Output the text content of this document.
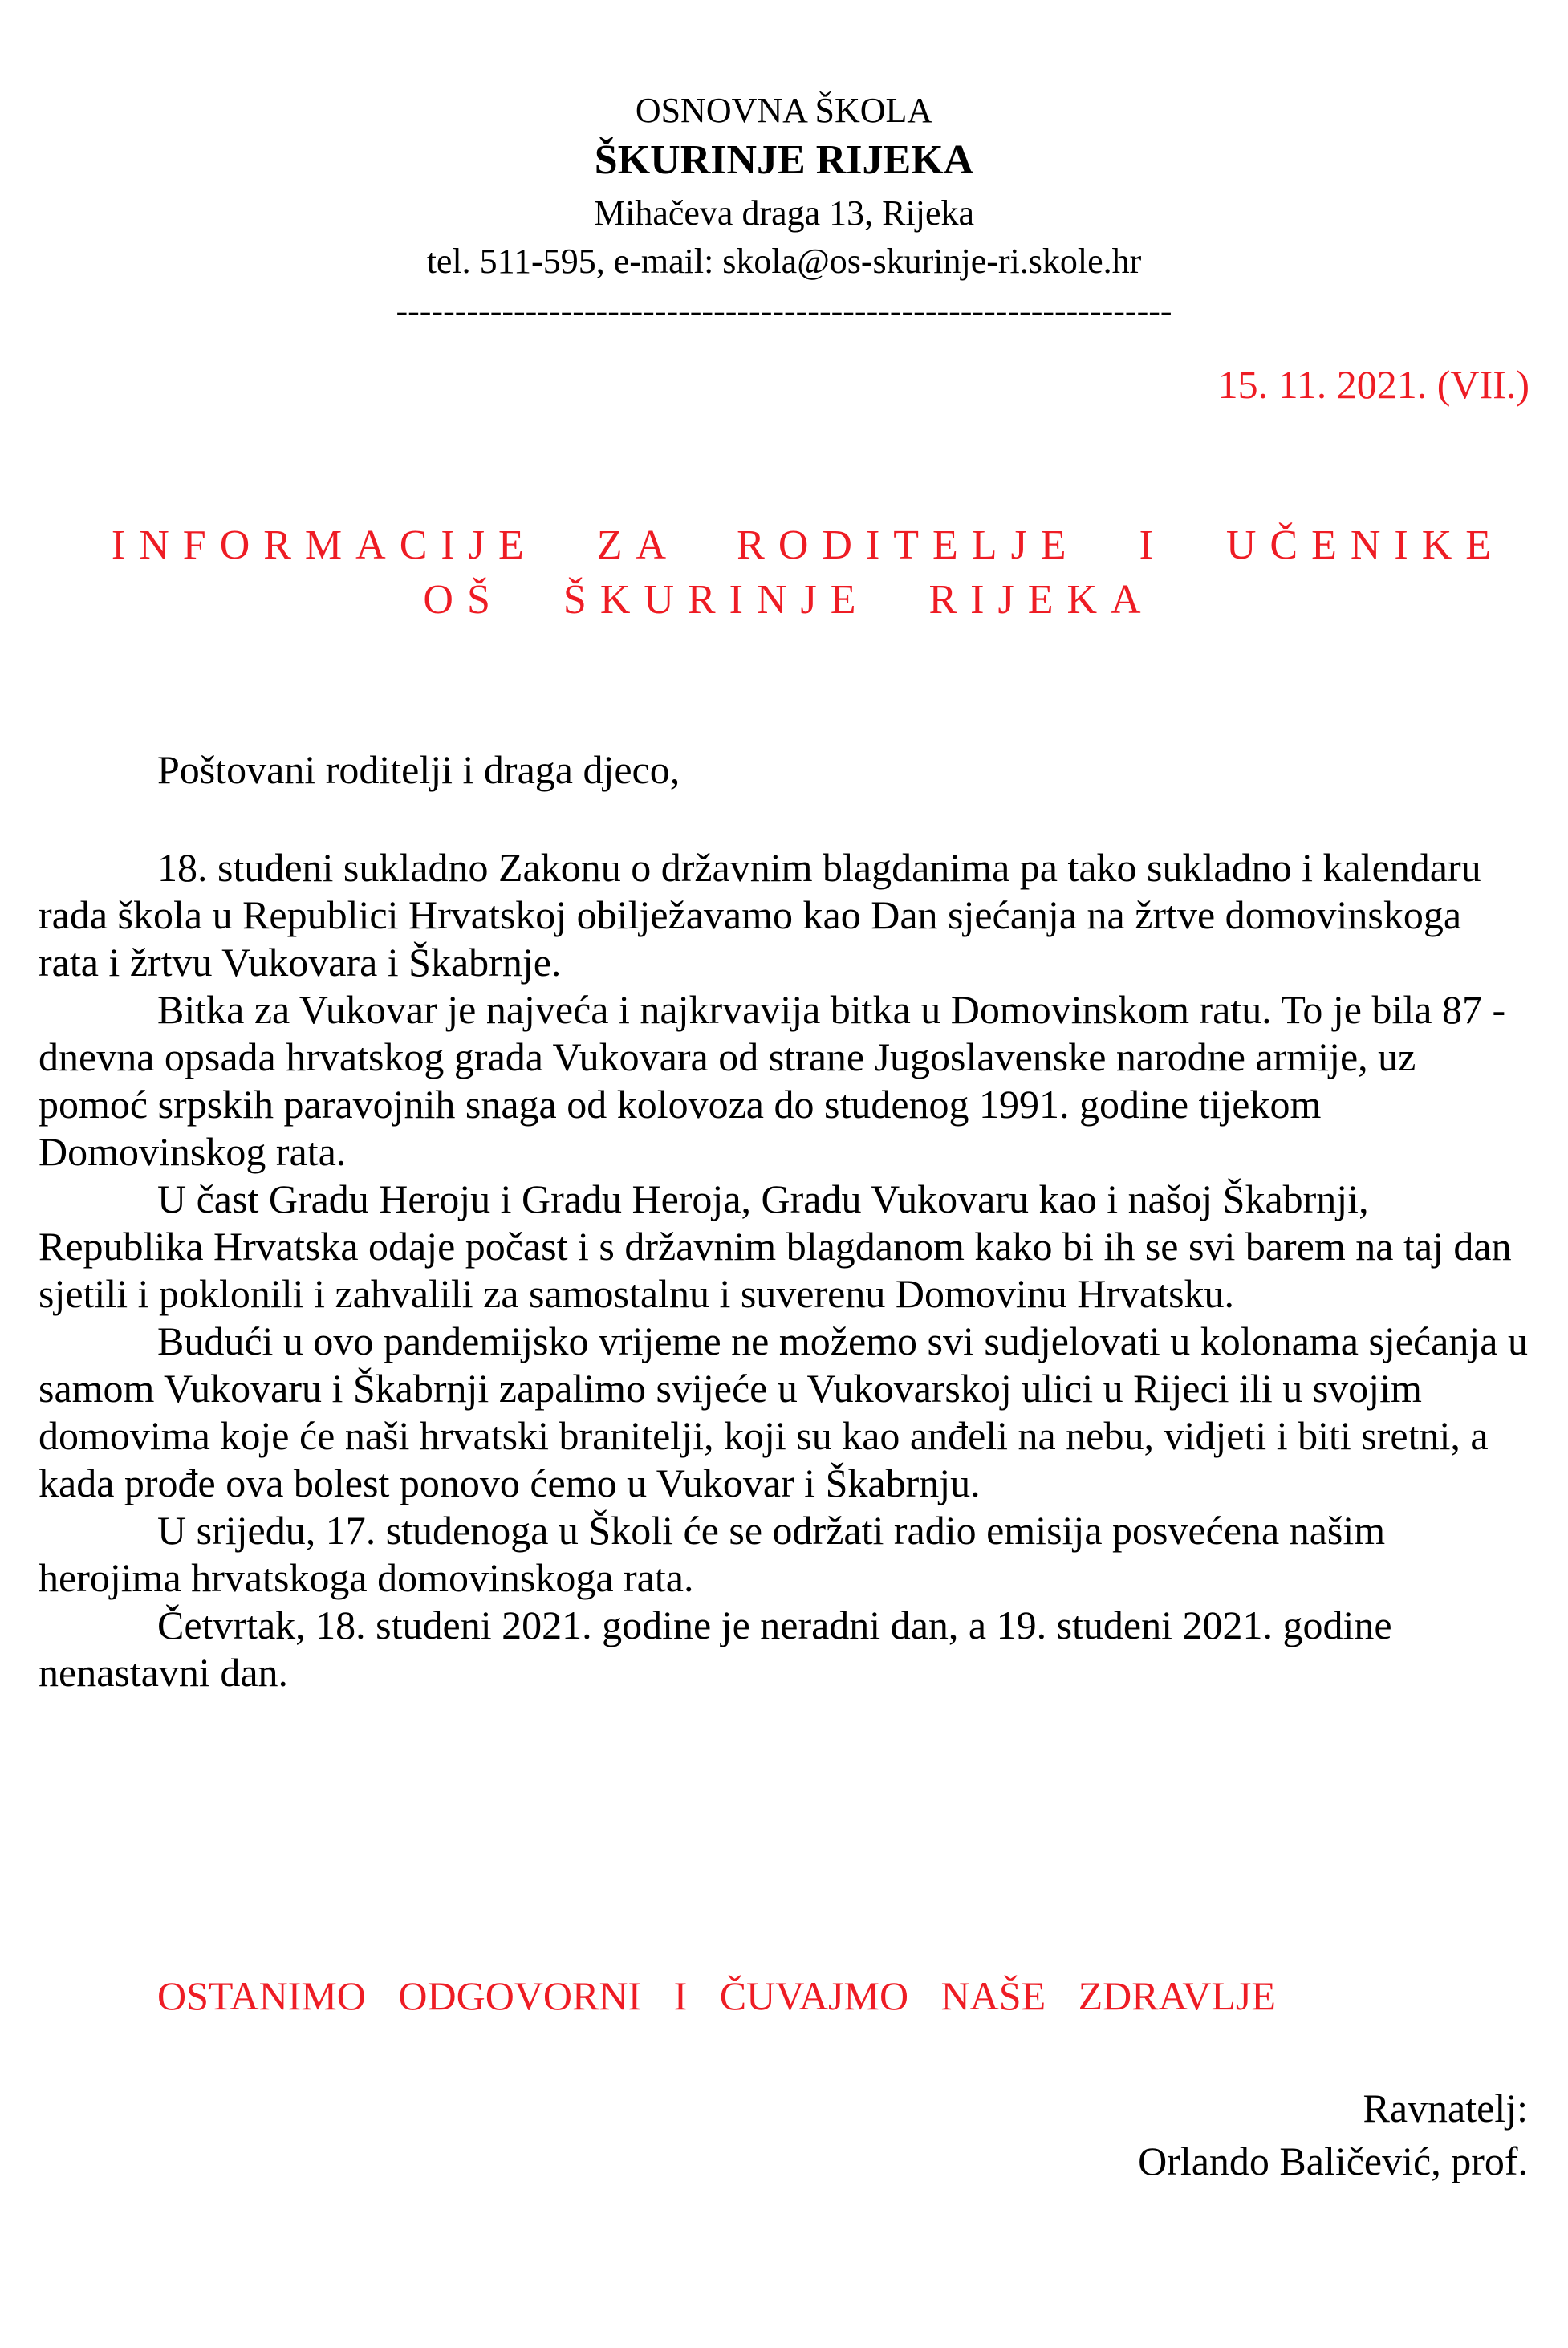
OSNOVNA ŠKOLA
ŠKURINJE RIJEKA
Mihačeva draga 13, Rijeka
tel. 511-595, e-mail: skola@os-skurinje-ri.skole.hr
------------------------------------------------------------------
15. 11. 2021. (VII.)
INFORMACIJE ZA RODITELJE I UČENIKE
OŠ ŠKURINJE RIJEKA
Poštovani roditelji i draga djeco,

18. studeni sukladno Zakonu o državnim blagdanima pa tako sukladno i kalendaru rada škola u Republici Hrvatskoj obilježavamo kao Dan sjećanja na žrtve domovinskoga rata i žrtvu Vukovara i Škabrnje.

Bitka za Vukovar je najveća i najkrvavija bitka u Domovinskom ratu. To je bila 87 - dnevna opsada hrvatskog grada Vukovara od strane Jugoslavenske narodne armije, uz pomoć srpskih paravojnih snaga od kolovoza do studenog 1991. godine tijekom Domovinskog rata.

U čast Gradu Heroju i Gradu Heroja, Gradu Vukovaru kao i našoj Škabrnji, Republika Hrvatska odaje počast i s državnim blagdanom kako bi ih se svi barem na taj dan sjetili i poklonili i zahvalili za samostalnu i suverenu Domovinu Hrvatsku.

Budući u ovo pandemijsko vrijeme ne možemo svi sudjelovati u kolonama sjećanja u samom Vukovaru i Škabrnji zapalimo svijeće u Vukovarskoj ulici u Rijeci ili u svojim domovima koje će naši hrvatski branitelji, koji su kao anđeli na nebu, vidjeti i biti sretni, a kada prođe ova bolest ponovo ćemo u Vukovar i Škabrnju.

U srijedu, 17. studenoga u Školi će se održati radio emisija posvećena našim herojima hrvatskoga domovinskoga rata.

Četvrtak, 18. studeni 2021. godine je neradni dan, a 19. studeni 2021. godine nenastavni dan.

OSTANIMO ODGOVORNI I ČUVAJMO NAŠE ZDRAVLJE
Ravnatelj:
Orlando Baličević, prof.
